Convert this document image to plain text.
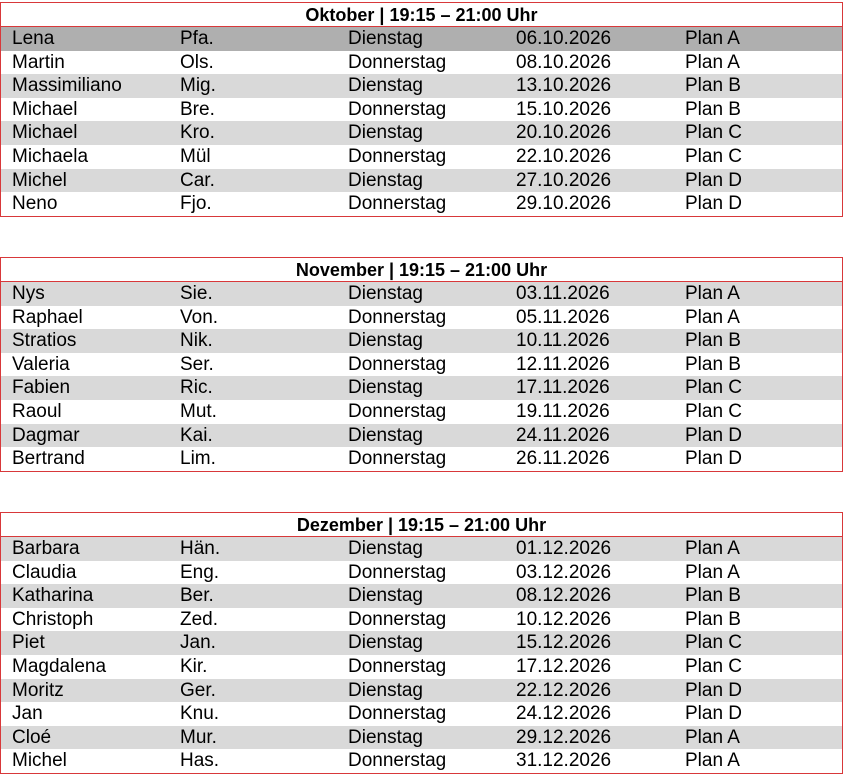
Oktober | 19:15 – 21:00 Uhr
Lena	Pfa.	Dienstag	06.10.2026	Plan A
Martin	Ols.	Donnerstag	08.10.2026	Plan A
Massimiliano	Mig.	Dienstag	13.10.2026	Plan B
Michael	Bre.	Donnerstag	15.10.2026	Plan B
Michael	Kro.	Dienstag	20.10.2026	Plan C
Michaela	Mül	Donnerstag	22.10.2026	Plan C
Michel	Car.	Dienstag	27.10.2026	Plan D
Neno	Fjo.	Donnerstag	29.10.2026	Plan D
November | 19:15 – 21:00 Uhr
Nys	Sie.	Dienstag	03.11.2026	Plan A
Raphael	Von.	Donnerstag	05.11.2026	Plan A
Stratios	Nik.	Dienstag	10.11.2026	Plan B
Valeria	Ser.	Donnerstag	12.11.2026	Plan B
Fabien	Ric.	Dienstag	17.11.2026	Plan C
Raoul	Mut.	Donnerstag	19.11.2026	Plan C
Dagmar	Kai.	Dienstag	24.11.2026	Plan D
Bertrand	Lim.	Donnerstag	26.11.2026	Plan D
Dezember | 19:15 – 21:00 Uhr
Barbara	Hän.	Dienstag	01.12.2026	Plan A
Claudia	Eng.	Donnerstag	03.12.2026	Plan A
Katharina	Ber.	Dienstag	08.12.2026	Plan B
Christoph	Zed.	Donnerstag	10.12.2026	Plan B
Piet	Jan.	Dienstag	15.12.2026	Plan C
Magdalena	Kir.	Donnerstag	17.12.2026	Plan C
Moritz	Ger.	Dienstag	22.12.2026	Plan D
Jan	Knu.	Donnerstag	24.12.2026	Plan D
Cloé	Mur.	Dienstag	29.12.2026	Plan A
Michel	Has.	Donnerstag	31.12.2026	Plan A
